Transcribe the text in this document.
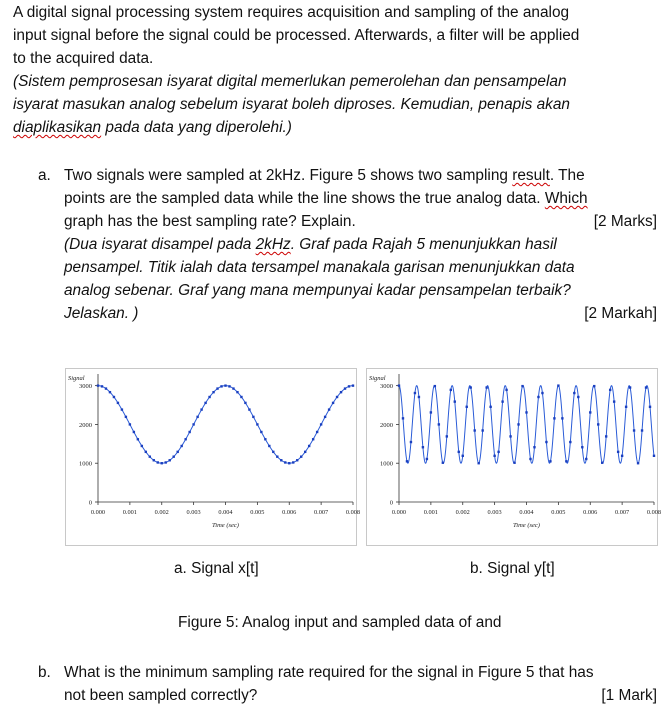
A digital signal processing system requires acquisition and sampling of the analog
input signal before the signal could be processed. Afterwards, a filter will be applied
to the acquired data.
(Sistem pemprosesan isyarat digital memerlukan pemerolehan dan pensampelan
isyarat masukan analog sebelum isyarat boleh diproses. Kemudian, penapis akan
diaplikasikan pada data yang diperolehi.)
a. Two signals were sampled at 2kHz. Figure 5 shows two sampling result. The
points are the sampled data while the line shows the true analog data. Which
graph has the best sampling rate? Explain.	[2 Marks]
(Dua isyarat disampel pada 2kHz. Graf pada Rajah 5 menunjukkan hasil
pensampel. Titik ialah data tersampel manakala garisan menunjukkan data
analog sebenar. Graf yang mana mempunyai kadar pensampelan terbaik?
Jelaskan. )	[2 Markah]
0
1000
2000
3000
0.000	0.001	0.002	0.003	0.004	0.005	0.006	0.007	0.008
Signal
Time (sec)
0
1000
2000
3000
0.000	0.001	0.002	0.003	0.004	0.005	0.006	0.007	0.008
Signal
Time (sec)
a. Signal x[t]	b. Signal y[t]
Figure 5: Analog input and sampled data of and
b. What is the minimum sampling rate required for the signal in Figure 5 that has
not been sampled correctly?	[1 Mark]
